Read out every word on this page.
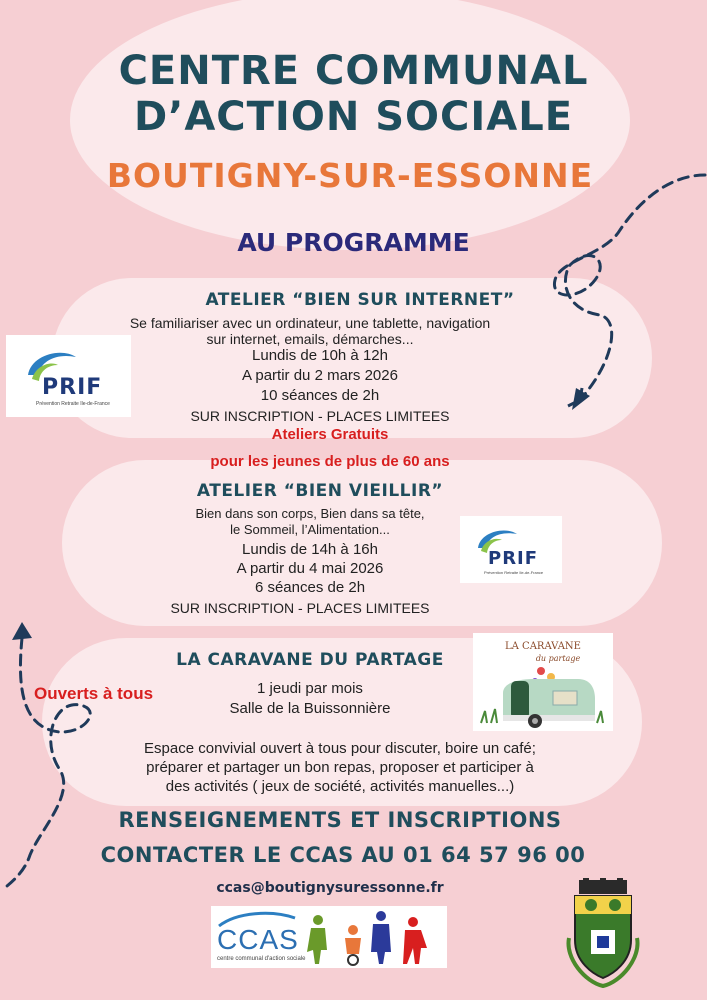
CENTRE COMMUNAL
D’ACTION SOCIALE
BOUTIGNY-SUR-ESSONNE
AU PROGRAMME
ATELIER “BIEN SUR INTERNET”
Se familiariser avec un ordinateur, une tablette, navigation
sur internet, emails, démarches...
Lundis de 10h à 12h
A partir du 2 mars 2026
10 séances de 2h
SUR INSCRIPTION - PLACES LIMITEES
PRIF
Prévention Retraite Ile-de-France
Ateliers Gratuits
pour les jeunes de plus de 60 ans
ATELIER “BIEN VIEILLIR”
Bien dans son corps, Bien dans sa tête,
le Sommeil, l’Alimentation...
Lundis de 14h à 16h
A partir du 4 mai 2026
6 séances de 2h
SUR INSCRIPTION - PLACES LIMITEES
PRIF
Prévention Retraite Ile-de-France
LA CARAVANE DU PARTAGE
Ouverts à tous	1 jeudi par mois
Salle de la Buissonnière
Espace convivial ouvert à tous pour discuter, boire un café;
préparer et partager un bon repas, proposer et participer à
des activités ( jeux de société, activités manuelles...)
LA CARAVANE
du partage
RENSEIGNEMENTS ET INSCRIPTIONS
CONTACTER LE CCAS AU 01 64 57 96 00
ccas@boutignysuressonne.fr
CCAS
centre communal d'action sociale
